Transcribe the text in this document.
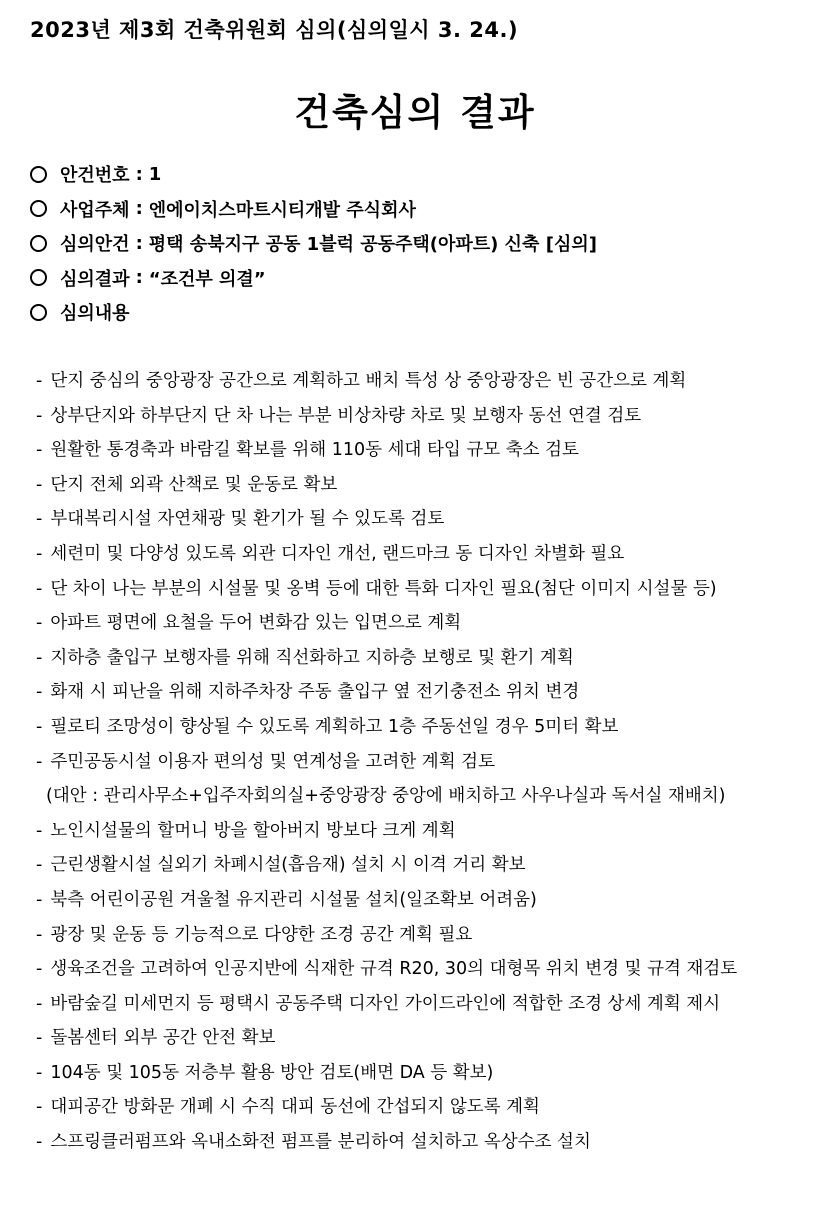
2023년 제3회 건축위원회 심의(심의일시 3. 24.)
건축심의 결과
안건번호 : 1
사업주체 : 엔에이치스마트시티개발 주식회사
심의안건 : 평택 송북지구 공동 1블럭 공동주택(아파트) 신축 [심의]
심의결과 : “조건부 의결”
심의내용
- 단지 중심의 중앙광장 공간으로 계획하고 배치 특성 상 중앙광장은 빈 공간으로 계획
- 상부단지와 하부단지 단 차 나는 부분 비상차량 차로 및 보행자 동선 연결 검토
- 원활한 통경축과 바람길 확보를 위해 110동 세대 타입 규모 축소 검토
- 단지 전체 외곽 산책로 및 운동로 확보
- 부대복리시설 자연채광 및 환기가 될 수 있도록 검토
- 세련미 및 다양성 있도록 외관 디자인 개선, 랜드마크 동 디자인 차별화 필요
- 단 차이 나는 부분의 시설물 및 옹벽 등에 대한 특화 디자인 필요(첨단 이미지 시설물 등)
- 아파트 평면에 요철을 두어 변화감 있는 입면으로 계획
- 지하층 출입구 보행자를 위해 직선화하고 지하층 보행로 및 환기 계획
- 화재 시 피난을 위해 지하주차장 주동 출입구 옆 전기충전소 위치 변경
- 필로티 조망성이 향상될 수 있도록 계획하고 1층 주동선일 경우 5미터 확보
- 주민공동시설 이용자 편의성 및 연계성을 고려한 계획 검토
(대안 : 관리사무소+입주자회의실+중앙광장 중앙에 배치하고 사우나실과 독서실 재배치)
- 노인시설물의 할머니 방을 할아버지 방보다 크게 계획
- 근린생활시설 실외기 차폐시설(흡음재) 설치 시 이격 거리 확보
- 북측 어린이공원 겨울철 유지관리 시설물 설치(일조확보 어려움)
- 광장 및 운동 등 기능적으로 다양한 조경 공간 계획 필요
- 생육조건을 고려하여 인공지반에 식재한 규격 R20, 30의 대형목 위치 변경 및 규격 재검토
- 바람숲길 미세먼지 등 평택시 공동주택 디자인 가이드라인에 적합한 조경 상세 계획 제시
- 돌봄센터 외부 공간 안전 확보
- 104동 및 105동 저층부 활용 방안 검토(배면 DA 등 확보)
- 대피공간 방화문 개폐 시 수직 대피 동선에 간섭되지 않도록 계획
- 스프링클러펌프와 옥내소화전 펌프를 분리하여 설치하고 옥상수조 설치
